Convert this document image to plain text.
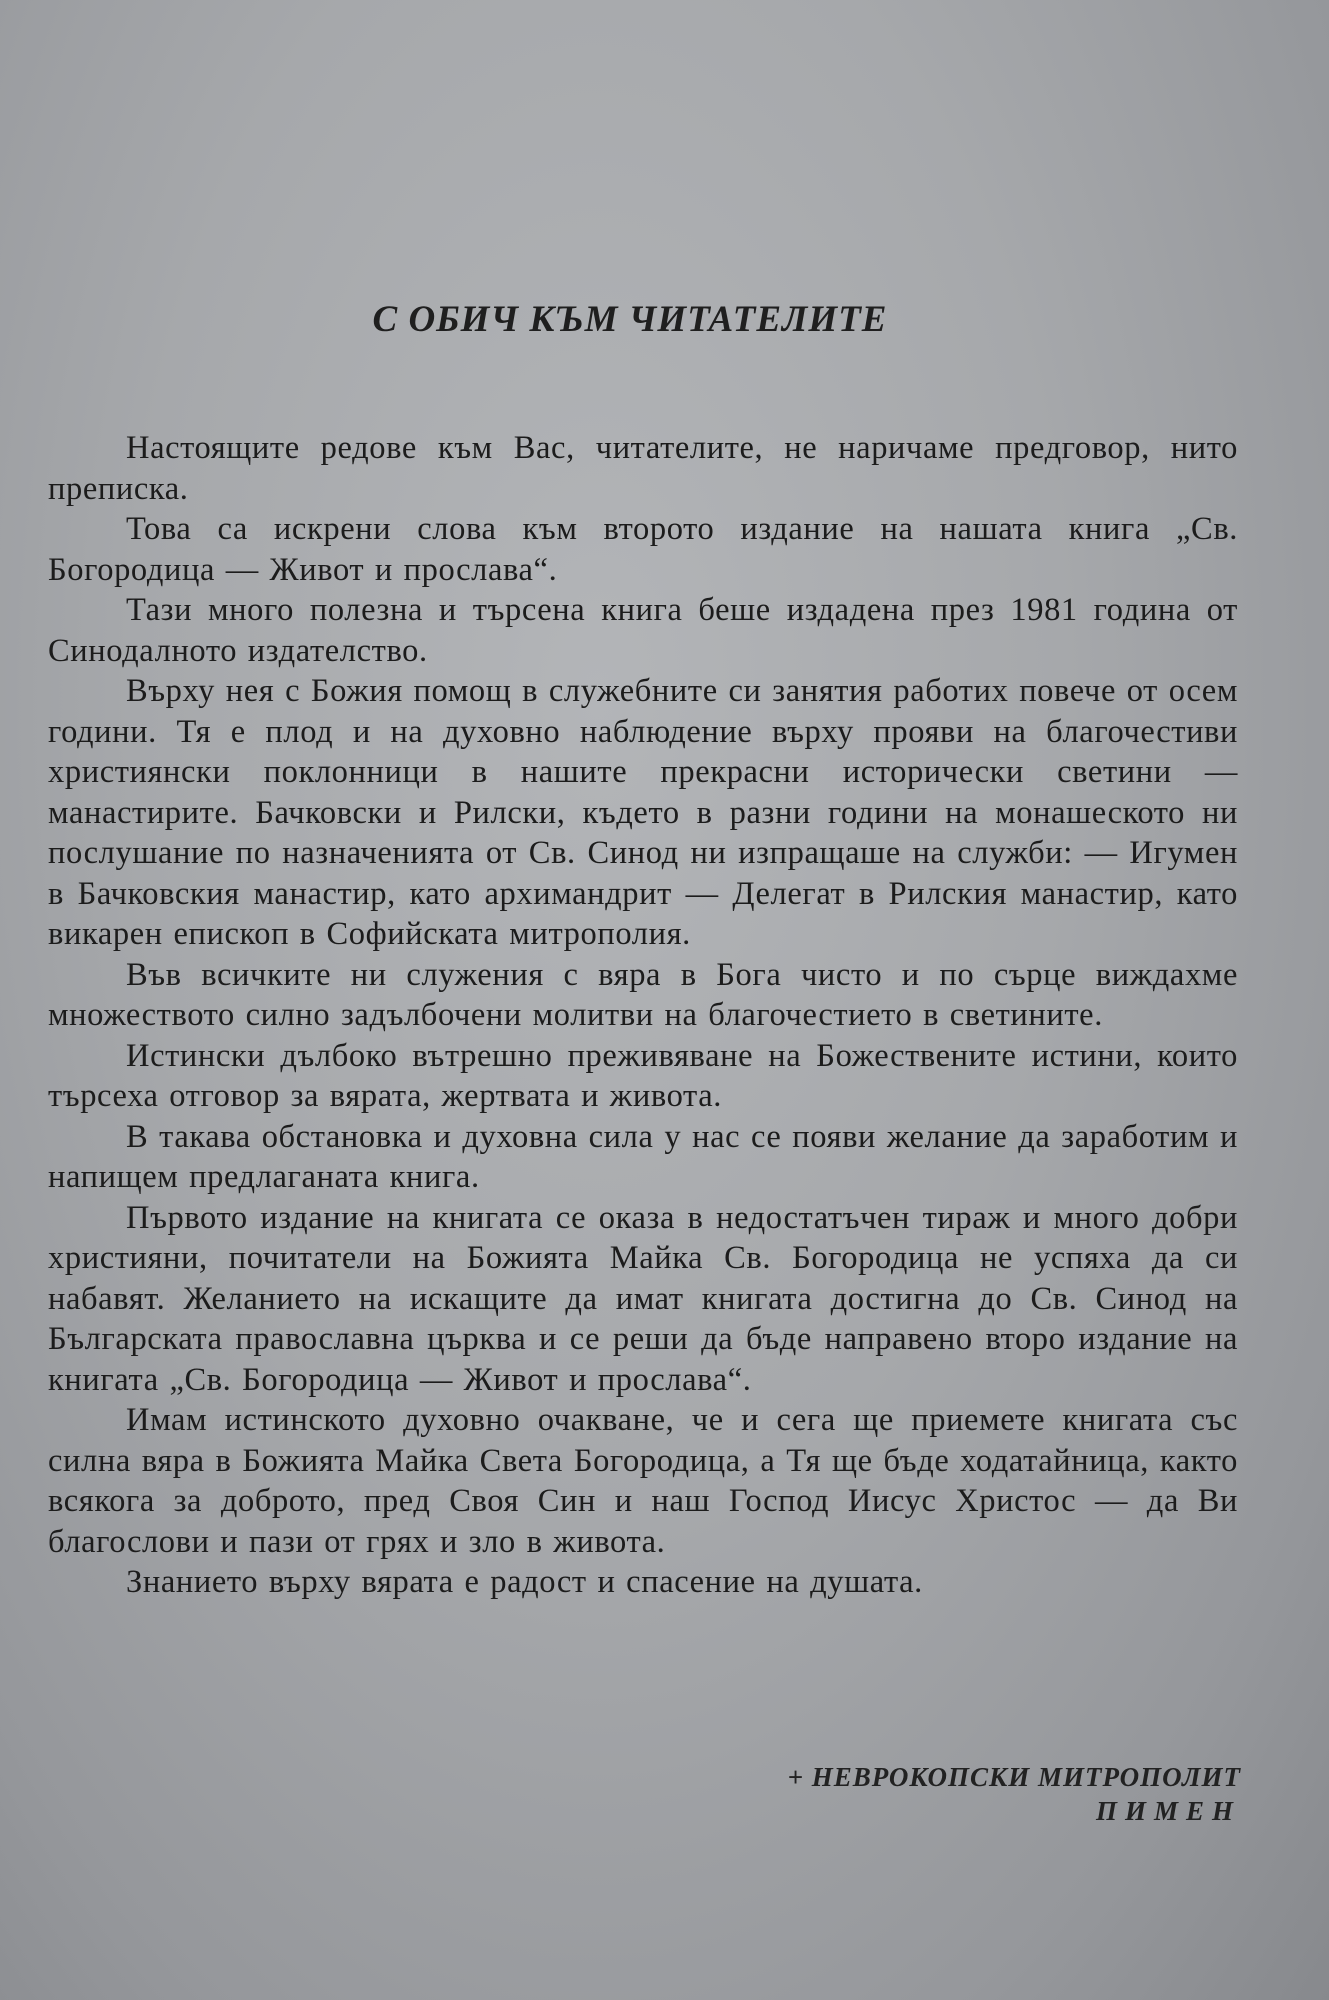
С ОБИЧ КЪМ ЧИТАТЕЛИТЕ

Настоящите редове към Вас, читателите, не наричаме предговор, нито преписка.

Това са искрени слова към второто издание на нашата книга „Св. Богородица — Живот и прослава“.

Тази много полезна и търсена книга беше издадена през 1981 година от Синодалното издателство.

Върху нея с Божия помощ в служебните си занятия работих повече от осем години. Тя е плод и на духовно наблюдение върху прояви на благочестиви християнски поклонници в нашите прекрасни исторически светини — манастирите. Бачковски и Рилски, където в разни години на монашеското ни послушание по назначенията от Св. Синод ни изпращаше на служби: — Игумен в Бачковския манастир, като архимандрит — Делегат в Рилския манастир, като викарен епископ в Софийската митрополия.

Във всичките ни служения с вяра в Бога чисто и по сърце виждахме множеството силно задълбочени молитви на благочестието в светините.

Истински дълбоко вътрешно преживяване на Божествените истини, които търсеха отговор за вярата, жертвата и живота.

В такава обстановка и духовна сила у нас се появи желание да заработим и напищем предлаганата книга.

Първото издание на книгата се оказа в недостатъчен тираж и много добри християни, почитатели на Божията Майка Св. Богородица не успяха да си набавят. Желанието на искащите да имат книгата достигна до Св. Синод на Българската православна църква и се реши да бъде направено второ издание на книгата „Св. Богородица — Живот и прослава“.

Имам истинското духовно очакване, че и сега ще приемете книгата със силна вяра в Божията Майка Света Богородица, а Тя ще бъде ходатайница, както всякога за доброто, пред Своя Син и наш Господ Иисус Христос — да Ви благослови и пази от грях и зло в живота.

Знанието върху вярата е радост и спасение на душата.

+ НЕВРОКОПСКИ МИТРОПОЛИТ
ПИМЕН
